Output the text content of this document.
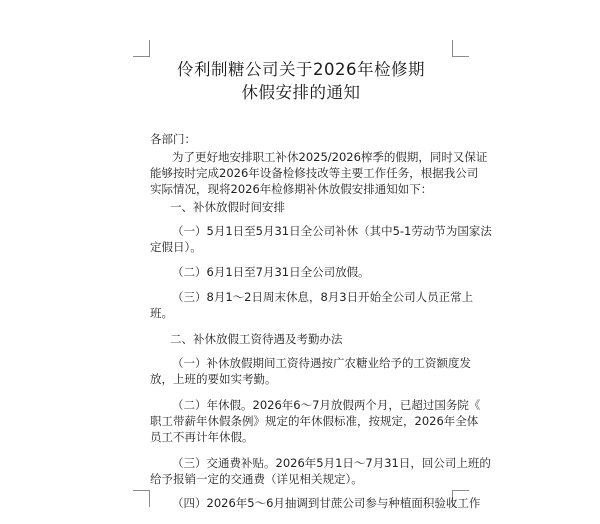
伶利制糖公司关于2026年检修期
休假安排的通知
各部门：
为了更好地安排职工补休2025/2026榨季的假期，同时又保证
能够按时完成2026年设备检修技改等主要工作任务，根据我公司
实际情况，现将2026年检修期补休放假安排通知如下：
一、补休放假时间安排
（一）5月1日至5月31日全公司补休（其中5-1劳动节为国家法
定假日）。
（二）6月1日至7月31日全公司放假。
（三）8月1～2日周末休息，8月3日开始全公司人员正常上
班。
二、补休放假工资待遇及考勤办法
（一）补休放假期间工资待遇按广农糖业给予的工资额度发
放，上班的要如实考勤。
（二）年休假。2026年6～7月放假两个月，已超过国务院《
职工带薪年休假条例》规定的年休假标准，按规定，2026年全体
员工不再计年休假。
（三）交通费补贴。2026年5月1日～7月31日，回公司上班的
给予报销一定的交通费（详见相关规定）。
（四）2026年5～6月抽调到甘蔗公司参与种植面积验收工作
